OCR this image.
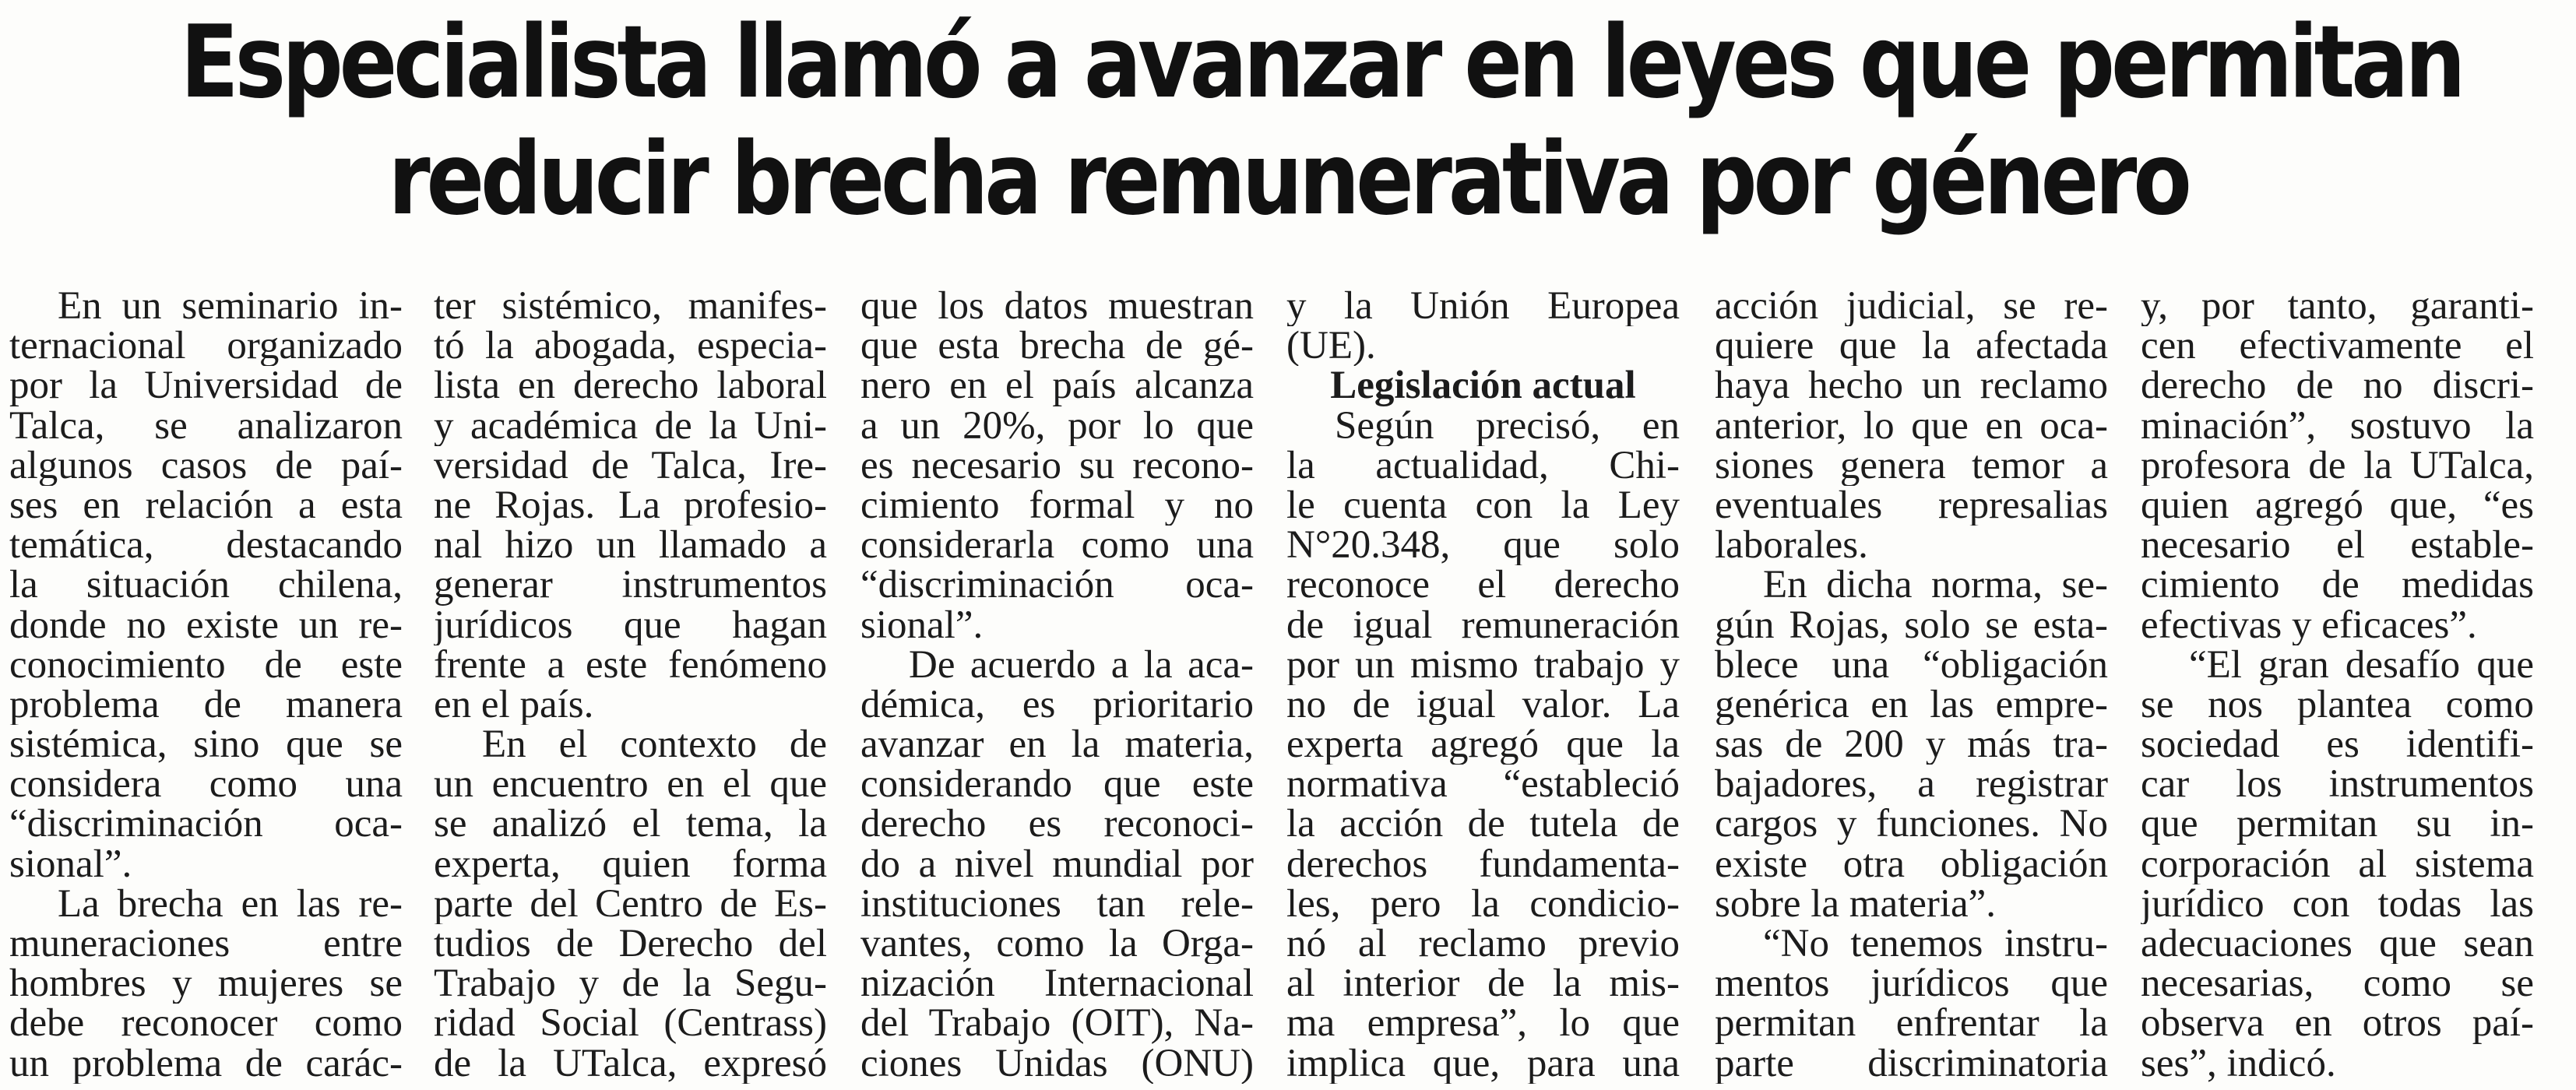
Especialista llamó a avanzar en leyes que permitan
reducir brecha remunerativa por género
En un seminario in-
ternacional organizado
por la Universidad de
Talca, se analizaron
algunos casos de paí-
ses en relación a esta
temática, destacando
la situación chilena,
donde no existe un re-
conocimiento de este
problema de manera
sistémica, sino que se
considera como una
“discriminación oca-
sional”.
La brecha en las re-
muneraciones entre
hombres y mujeres se
debe reconocer como
un problema de carác-
ter sistémico, manifes-
tó la abogada, especia-
lista en derecho laboral
y académica de la Uni-
versidad de Talca, Ire-
ne Rojas. La profesio-
nal hizo un llamado a
generar instrumentos
jurídicos que hagan
frente a este fenómeno
en el país.
En el contexto de
un encuentro en el que
se analizó el tema, la
experta, quien forma
parte del Centro de Es-
tudios de Derecho del
Trabajo y de la Segu-
ridad Social (Centrass)
de la UTalca, expresó
que los datos muestran
que esta brecha de gé-
nero en el país alcanza
a un 20%, por lo que
es necesario su recono-
cimiento formal y no
considerarla como una
“discriminación oca-
sional”.
De acuerdo a la aca-
démica, es prioritario
avanzar en la materia,
considerando que este
derecho es reconoci-
do a nivel mundial por
instituciones tan rele-
vantes, como la Orga-
nización Internacional
del Trabajo (OIT), Na-
ciones Unidas (ONU)
y la Unión Europea
(UE).
Legislación actual
Según precisó, en
la actualidad, Chi-
le cuenta con la Ley
N°20.348, que solo
reconoce el derecho
de igual remuneración
por un mismo trabajo y
no de igual valor. La
experta agregó que la
normativa “estableció
la acción de tutela de
derechos fundamenta-
les, pero la condicio-
nó al reclamo previo
al interior de la mis-
ma empresa”, lo que
implica que, para una
acción judicial, se re-
quiere que la afectada
haya hecho un reclamo
anterior, lo que en oca-
siones genera temor a
eventuales represalias
laborales.
En dicha norma, se-
gún Rojas, solo se esta-
blece una “obligación
genérica en las empre-
sas de 200 y más tra-
bajadores, a registrar
cargos y funciones. No
existe otra obligación
sobre la materia”.
“No tenemos instru-
mentos jurídicos que
permitan enfrentar la
parte discriminatoria
y, por tanto, garanti-
cen efectivamente el
derecho de no discri-
minación”, sostuvo la
profesora de la UTalca,
quien agregó que, “es
necesario el estable-
cimiento de medidas
efectivas y eficaces”.
“El gran desafío que
se nos plantea como
sociedad es identifi-
car los instrumentos
que permitan su in-
corporación al sistema
jurídico con todas las
adecuaciones que sean
necesarias, como se
observa en otros paí-
ses”, indicó.
